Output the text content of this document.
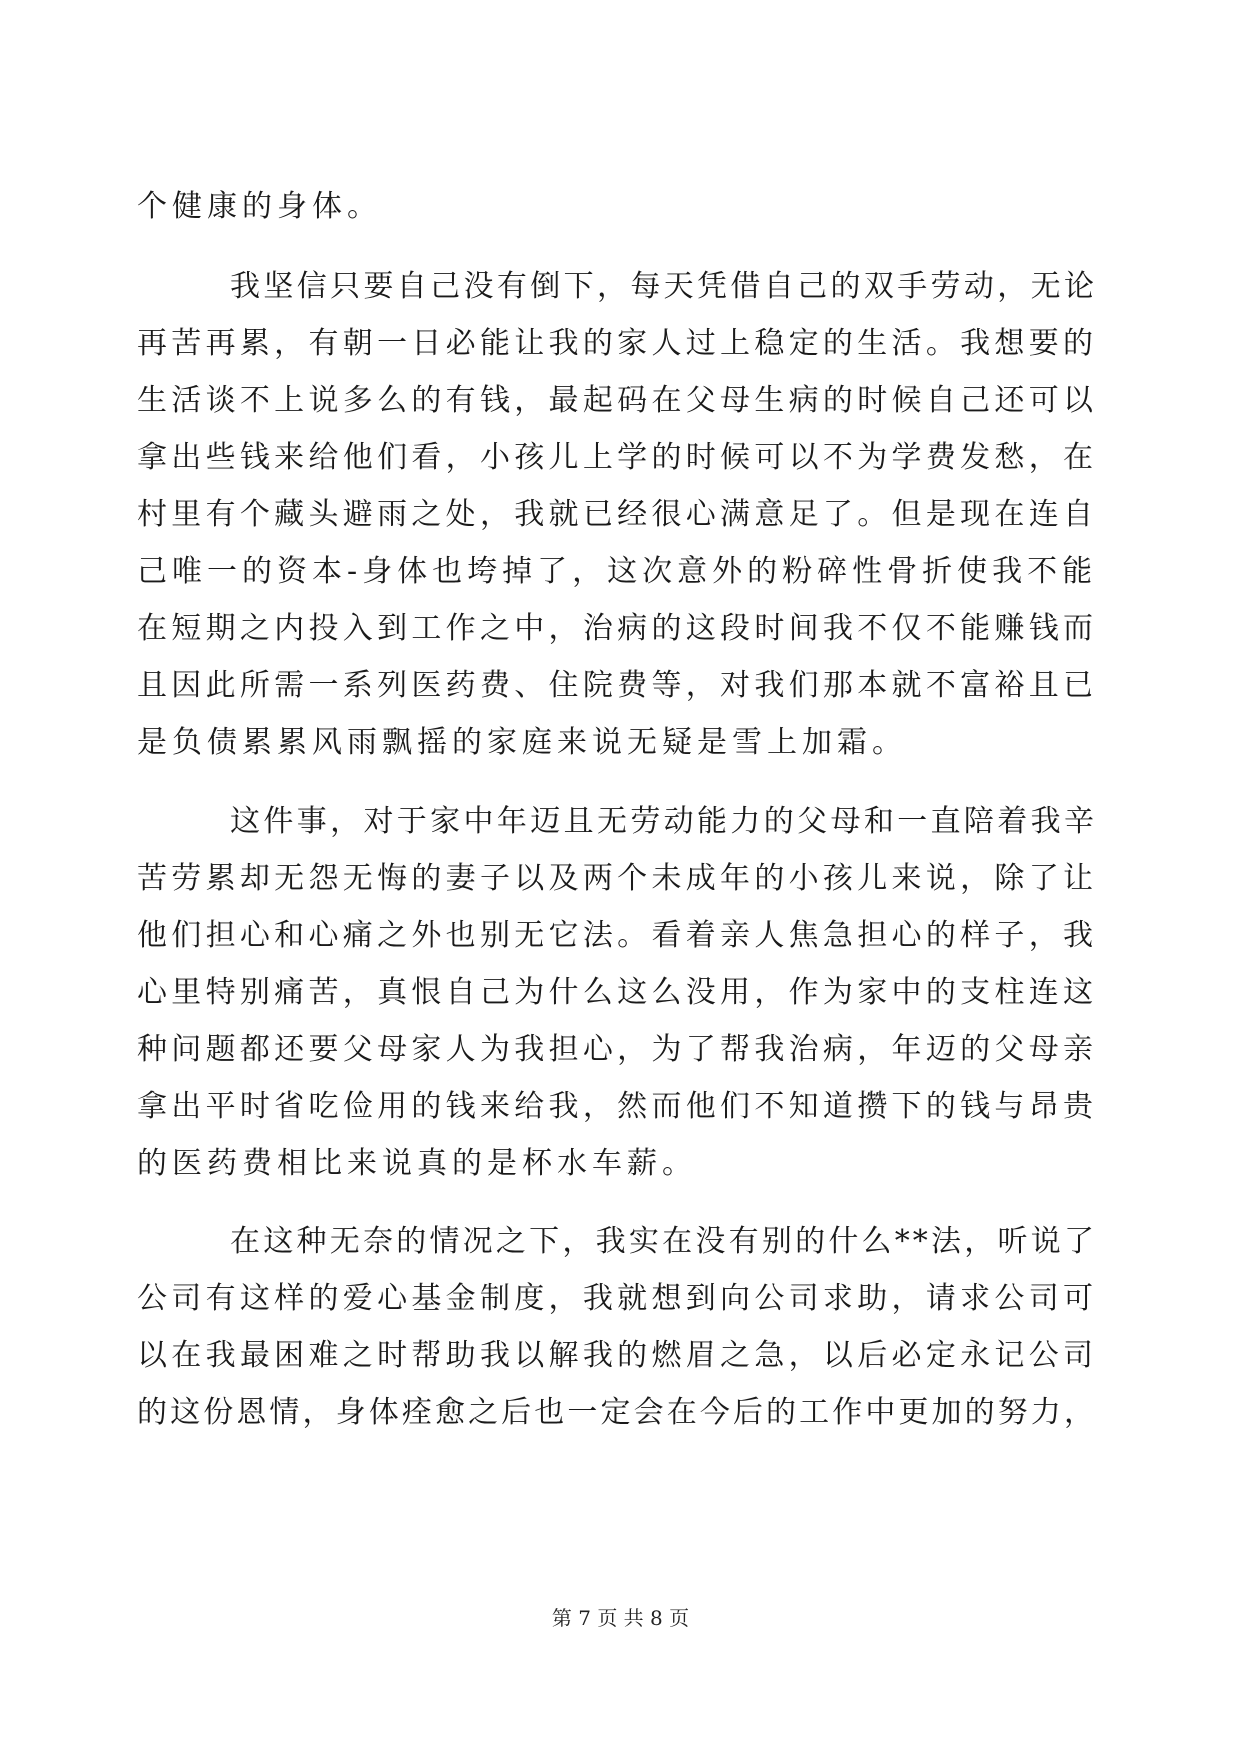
个健康的身体。
我坚信只要自己没有倒下，每天凭借自己的双手劳动，无论
再苦再累，有朝一日必能让我的家人过上稳定的生活。我想要的
生活谈不上说多么的有钱，最起码在父母生病的时候自己还可以
拿出些钱来给他们看，小孩儿上学的时候可以不为学费发愁，在
村里有个藏头避雨之处，我就已经很心满意足了。但是现在连自
己唯一的资本-身体也垮掉了，这次意外的粉碎性骨折使我不能
在短期之内投入到工作之中，治病的这段时间我不仅不能赚钱而
且因此所需一系列医药费、住院费等，对我们那本就不富裕且已
是负债累累风雨飘摇的家庭来说无疑是雪上加霜。
这件事，对于家中年迈且无劳动能力的父母和一直陪着我辛
苦劳累却无怨无悔的妻子以及两个未成年的小孩儿来说，除了让
他们担心和心痛之外也别无它法。看着亲人焦急担心的样子，我
心里特别痛苦，真恨自己为什么这么没用，作为家中的支柱连这
种问题都还要父母家人为我担心，为了帮我治病，年迈的父母亲
拿出平时省吃俭用的钱来给我，然而他们不知道攒下的钱与昂贵
的医药费相比来说真的是杯水车薪。
在这种无奈的情况之下，我实在没有别的什么**法，听说了
公司有这样的爱心基金制度，我就想到向公司求助，请求公司可
以在我最困难之时帮助我以解我的燃眉之急，以后必定永记公司
的这份恩情，身体痊愈之后也一定会在今后的工作中更加的努力，
第 7 页 共 8 页
